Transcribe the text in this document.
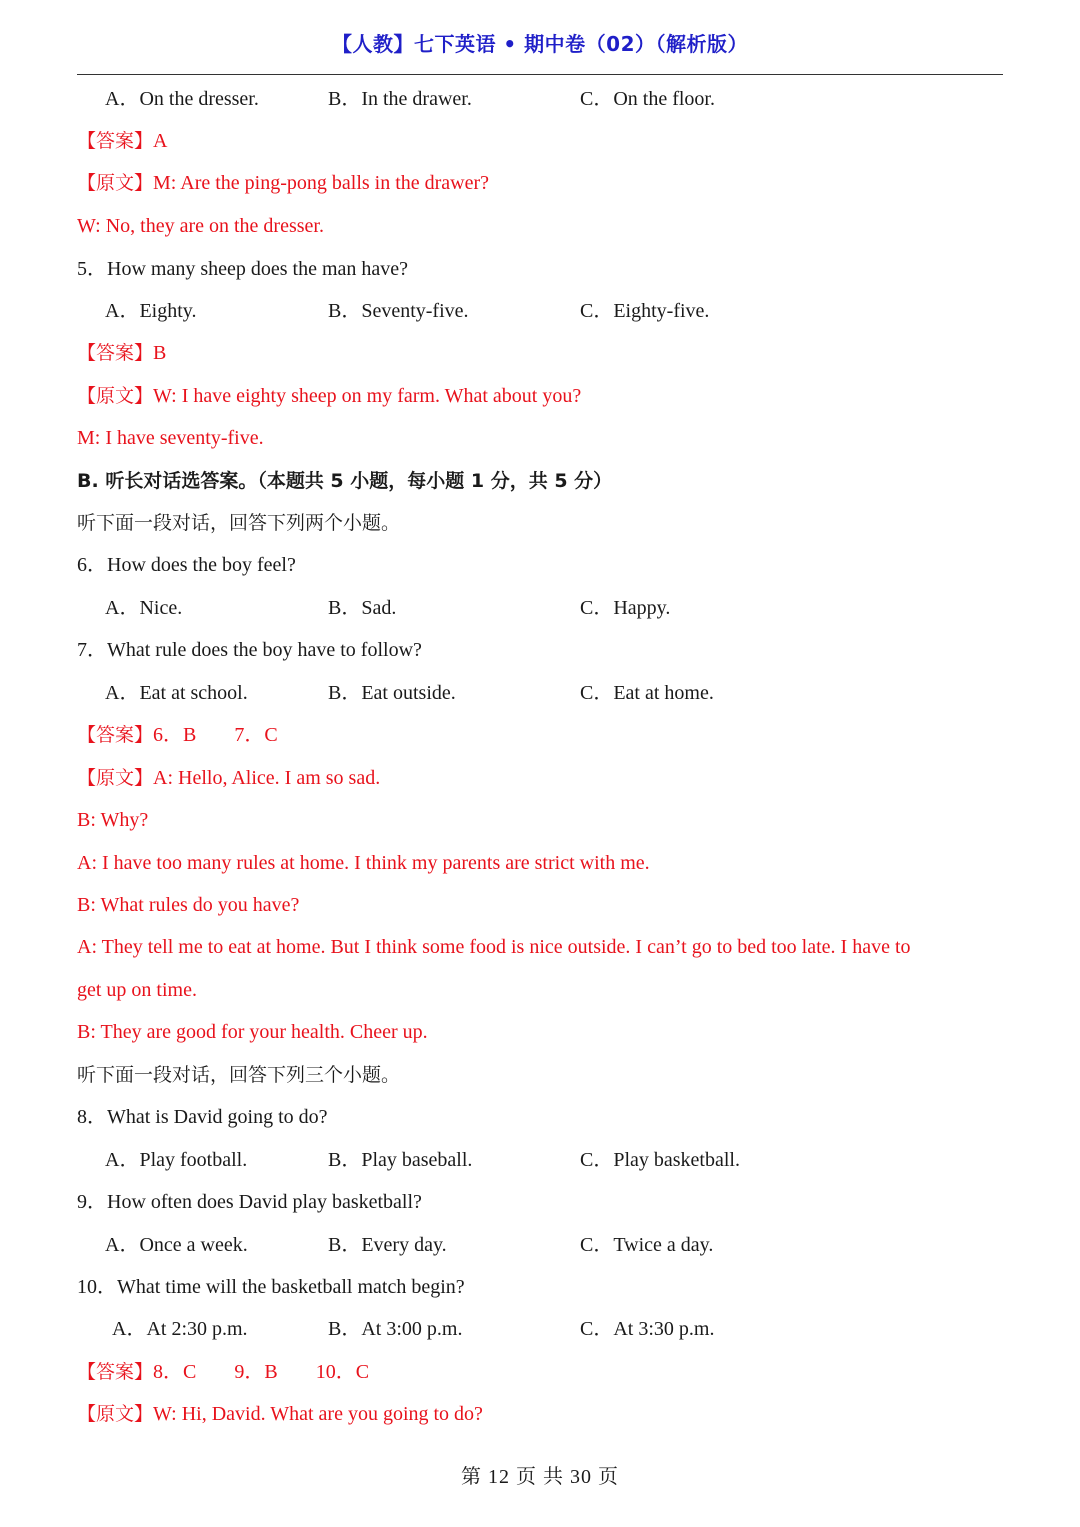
【人教】七下英语 • 期中卷（02）（解析版）
A．On the dresser.	B．In the drawer.	C．On the floor.
【答案】A
【原文】M: Are the ping-pong balls in the drawer?
W: No, they are on the dresser.
5．How many sheep does the man have?
A．Eighty.	B．Seventy-five.	C．Eighty-five.
【答案】B
【原文】W: I have eighty sheep on my farm. What about you?
M: I have seventy-five.
B. 听长对话选答案。（本题共 5 小题，每小题 1 分，共 5 分）
听下面一段对话，回答下列两个小题。
6．How does the boy feel?
A．Nice.	B．Sad.	C．Happy.
7．What rule does the boy have to follow?
A．Eat at school.	B．Eat outside.	C．Eat at home.
【答案】6．B 7．C
【原文】A: Hello, Alice. I am so sad.
B: Why?
A: I have too many rules at home. I think my parents are strict with me.
B: What rules do you have?
A: They tell me to eat at home. But I think some food is nice outside. I can’t go to bed too late. I have to
get up on time.
B: They are good for your health. Cheer up.
听下面一段对话，回答下列三个小题。
8．What is David going to do?
A．Play football.	B．Play baseball.	C．Play basketball.
9．How often does David play basketball?
A．Once a week.	B．Every day.	C．Twice a day.
10．What time will the basketball match begin?
A．At 2:30 p.m.	B．At 3:00 p.m.	C．At 3:30 p.m.
【答案】8．C 9．B 10．C
【原文】W: Hi, David. What are you going to do?
第 12 页 共 30 页
